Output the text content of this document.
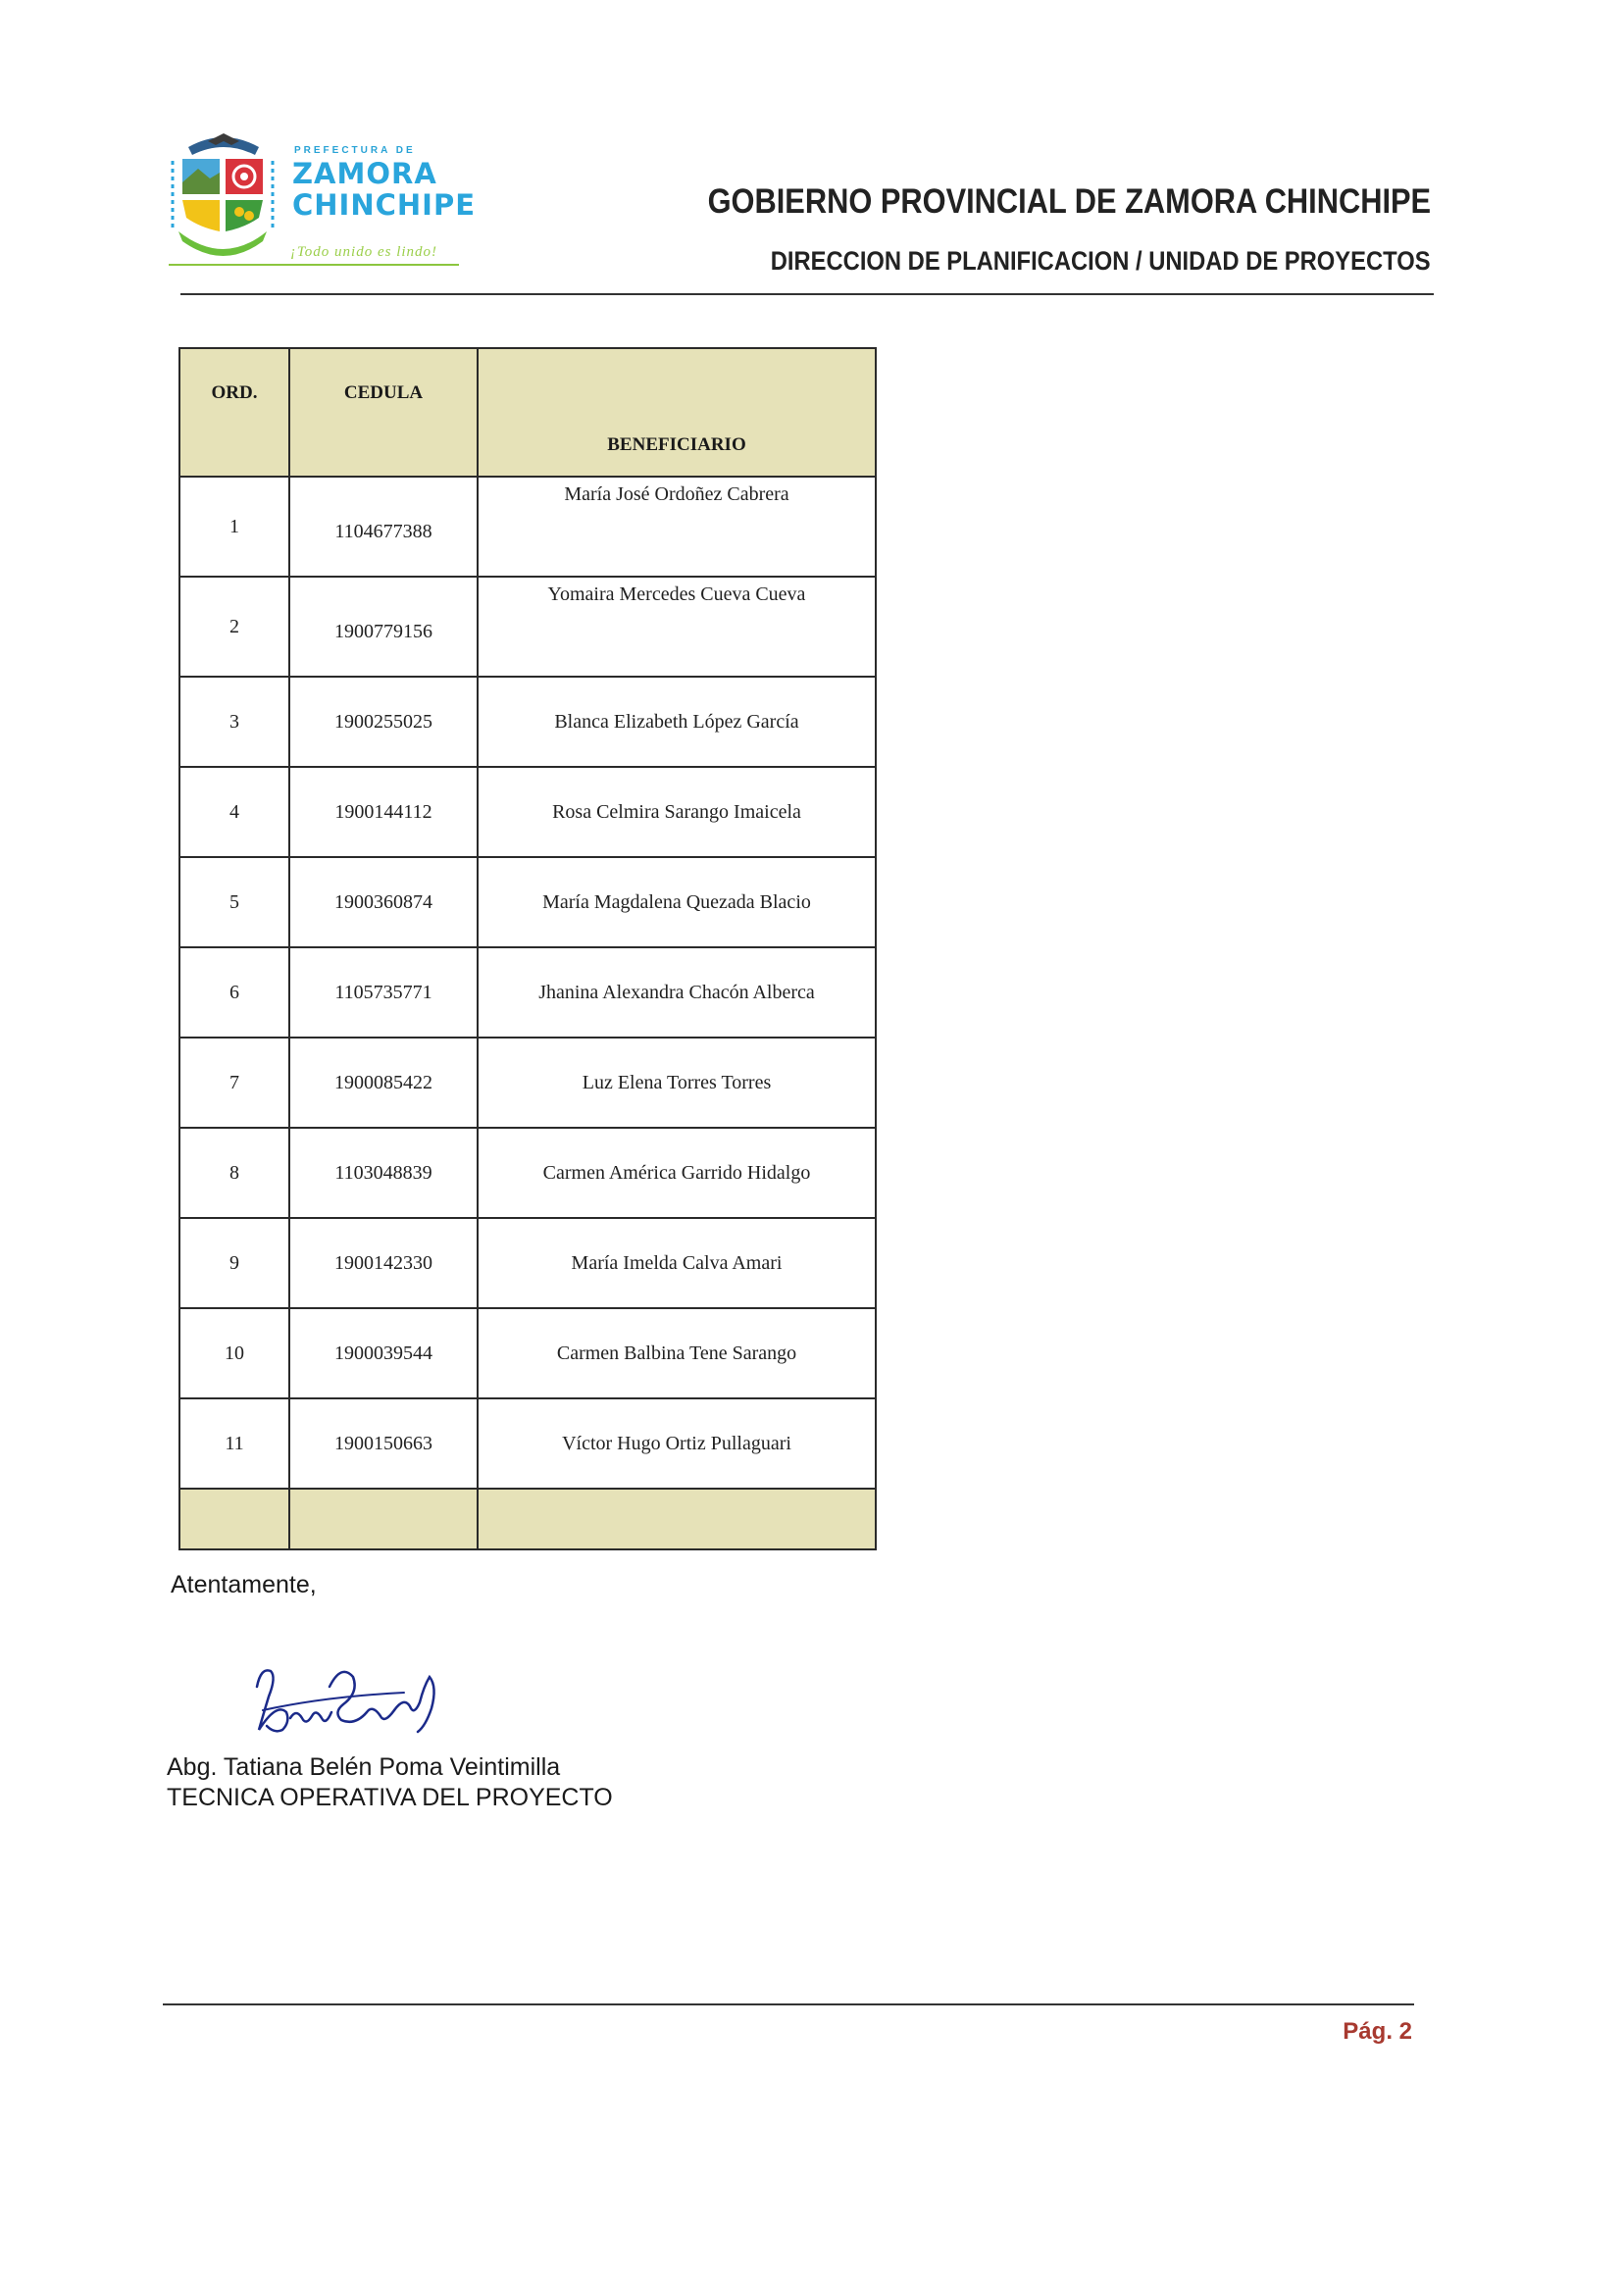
PREFECTURA DE
ZAMORA
CHINCHIPE
¡Todo unido es lindo!
GOBIERNO PROVINCIAL DE ZAMORA CHINCHIPE
DIRECCION DE PLANIFICACION / UNIDAD DE PROYECTOS
ORD.	CEDULA	BENEFICIARIO
1	1104677388	María José Ordoñez Cabrera
2	1900779156	Yomaira Mercedes Cueva Cueva
3	1900255025	Blanca Elizabeth López García
4	1900144112	Rosa Celmira Sarango Imaicela
5	1900360874	María Magdalena Quezada Blacio
6	1105735771	Jhanina Alexandra Chacón Alberca
7	1900085422	Luz Elena Torres Torres
8	1103048839	Carmen América Garrido Hidalgo
9	1900142330	María Imelda Calva Amari
10	1900039544	Carmen Balbina Tene Sarango
11	1900150663	Víctor Hugo Ortiz Pullaguari

Atentamente,
Abg. Tatiana Belén Poma Veintimilla
TECNICA OPERATIVA DEL PROYECTO
Pág. 2
